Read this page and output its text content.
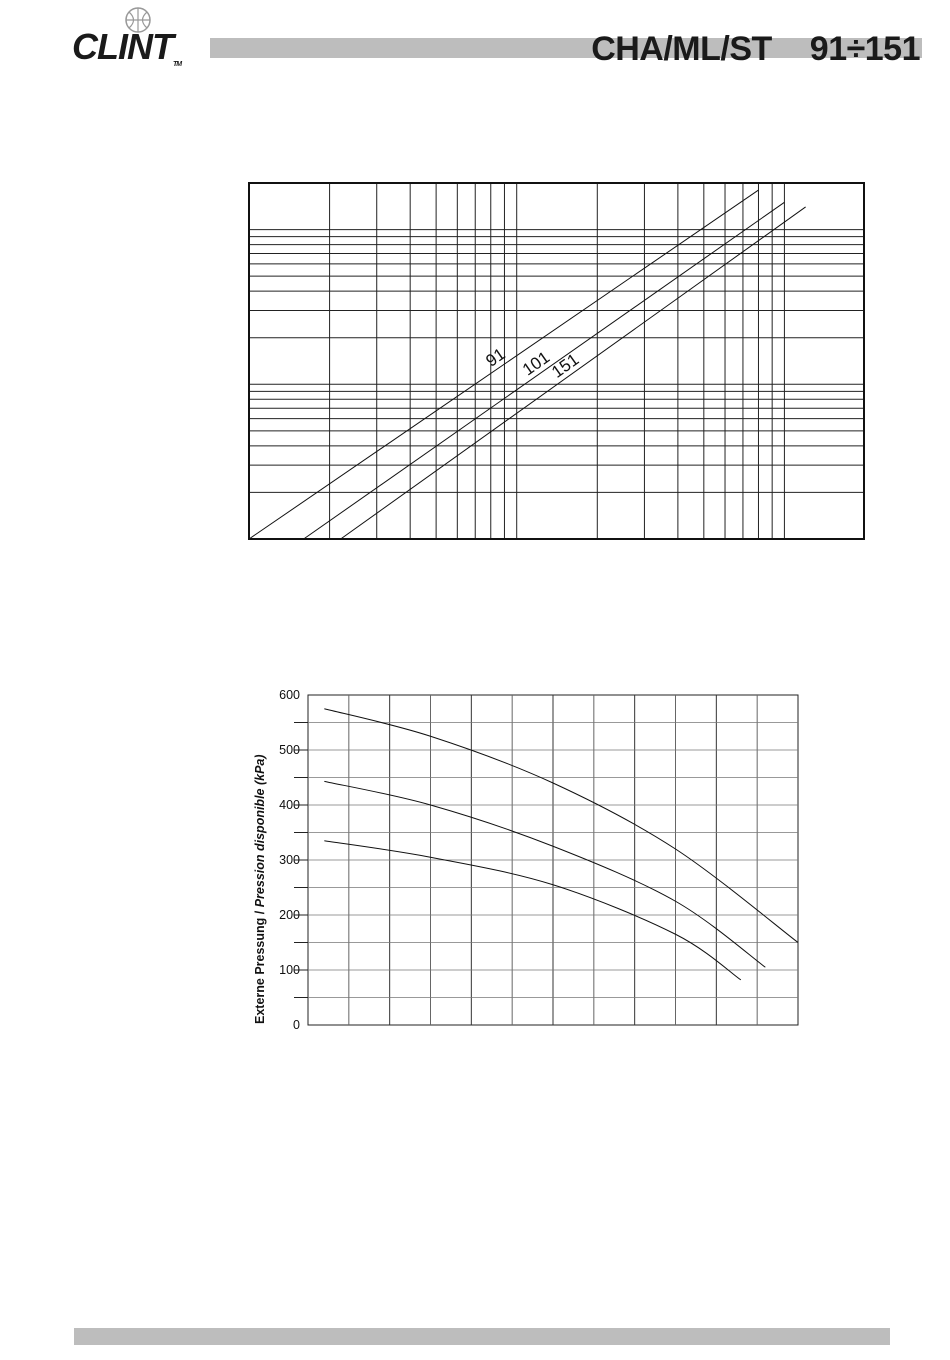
CLINTTM	CHA/ML/ST 91÷151
91 101
151
0
100
200
300
400
500
600
Externe Pressung / Pression disponible (kPa)
